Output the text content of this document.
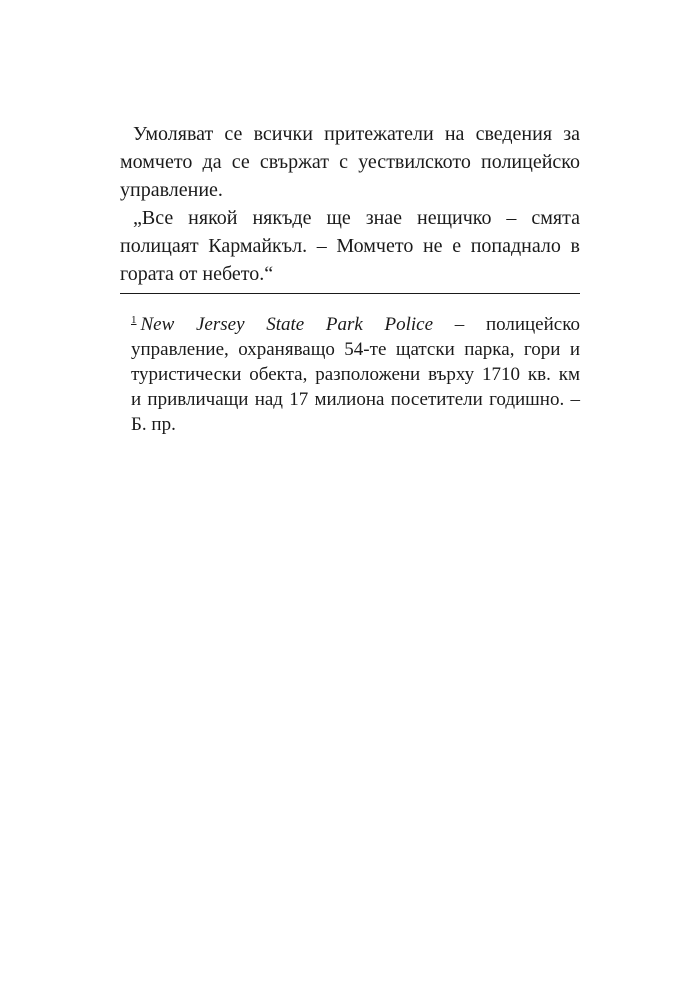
Умоляват се всички притежатели на сведения за момчето да се свържат с уествилското полицейско управление.

„Все някой някъде ще знае нещичко – смята полицаят Кармайкъл. – Момчето не е попаднало в гората от небето.“

$^1$ New Jersey State Park Police – полицейско
управление, охраняващо 54-те щатски парка, гори и
туристически обекта, разположени върху 1710 кв. км
и привличащи над 17 милиона посетители годишно. –
Б. пр.
